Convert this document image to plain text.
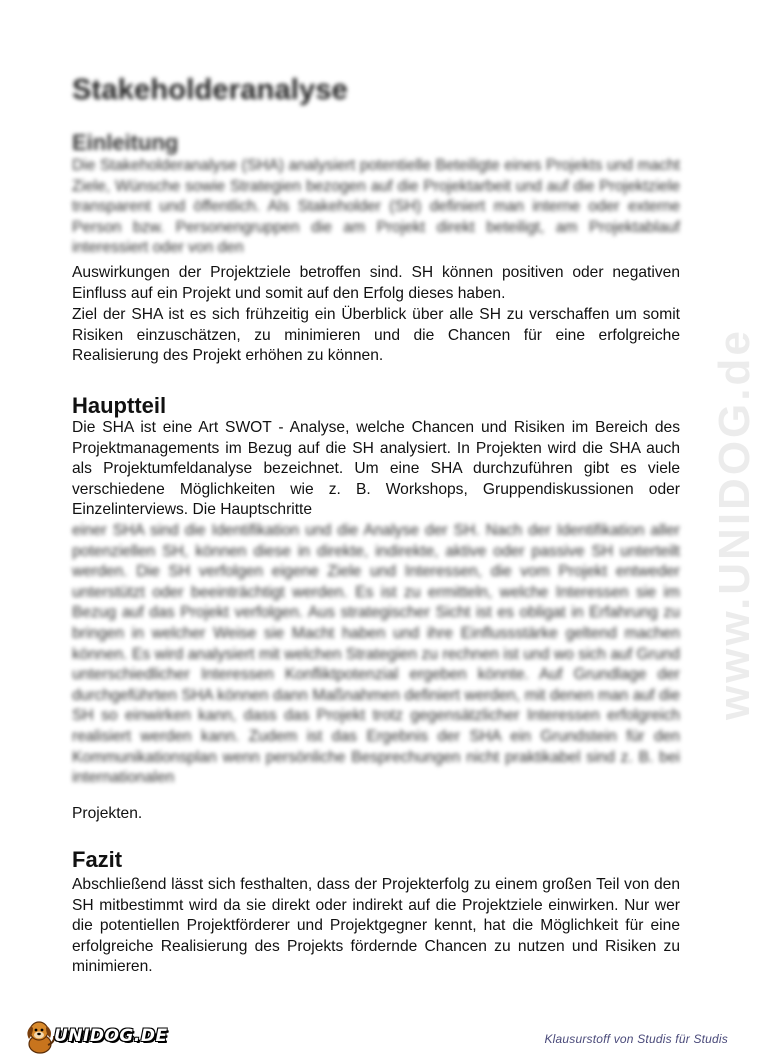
www.UNIDOG.de
Stakeholderanalyse
Einleitung

Die Stakeholderanalyse (SHA) analysiert potentielle Beteiligte eines Projekts und macht Ziele, Wünsche sowie Strategien bezogen auf die Projektarbeit und auf die Projektziele transparent und öffentlich. Als Stakeholder (SH) definiert man interne oder externe Person bzw. Personengruppen die am Projekt direkt beteiligt, am Projektablauf interessiert oder von den

Auswirkungen der Projektziele betroffen sind. SH können positiven oder negativen Einfluss auf ein Projekt und somit auf den Erfolg dieses haben.

Ziel der SHA ist es sich frühzeitig ein Überblick über alle SH zu verschaffen um somit Risiken einzuschätzen, zu minimieren und die Chancen für eine erfolgreiche Realisierung des Projekt erhöhen zu können.

Hauptteil

Die SHA ist eine Art SWOT - Analyse, welche Chancen und Risiken im Bereich des Projektmanagements im Bezug auf die SH analysiert. In Projekten wird die SHA auch als Projektumfeldanalyse bezeichnet. Um eine SHA durchzuführen gibt es viele verschiedene Möglichkeiten wie z. B. Workshops, Gruppendiskussionen oder Einzelinterviews. Die Hauptschritte

einer SHA sind die Identifikation und die Analyse der SH. Nach der Identifikation aller potenziellen SH, können diese in direkte, indirekte, aktive oder passive SH unterteilt werden. Die SH verfolgen eigene Ziele und Interessen, die vom Projekt entweder unterstützt oder beeinträchtigt werden. Es ist zu ermitteln, welche Interessen sie im Bezug auf das Projekt verfolgen. Aus strategischer Sicht ist es obligat in Erfahrung zu bringen in welcher Weise sie Macht haben und ihre Einflussstärke geltend machen können. Es wird analysiert mit welchen Strategien zu rechnen ist und wo sich auf Grund unterschiedlicher Interessen Konfliktpotenzial ergeben könnte. Auf Grundlage der durchgeführten SHA können dann Maßnahmen definiert werden, mit denen man auf die SH so einwirken kann, dass das Projekt trotz gegensätzlicher Interessen erfolgreich realisiert werden kann. Zudem ist das Ergebnis der SHA ein Grundstein für den Kommunikationsplan wenn persönliche Besprechungen nicht praktikabel sind z. B. bei internationalen

Projekten.

Fazit

Abschließend lässt sich festhalten, dass der Projekterfolg zu einem großen Teil von den SH mitbestimmt wird da sie direkt oder indirekt auf die Projektziele einwirken. Nur wer die potentiellen Projektförderer und Projektgegner kennt, hat die Möglichkeit für eine erfolgreiche Realisierung des Projekts fördernde Chancen zu nutzen und Risiken zu minimieren.

UNIDOG.DE	Klausurstoff von Studis für Studis
